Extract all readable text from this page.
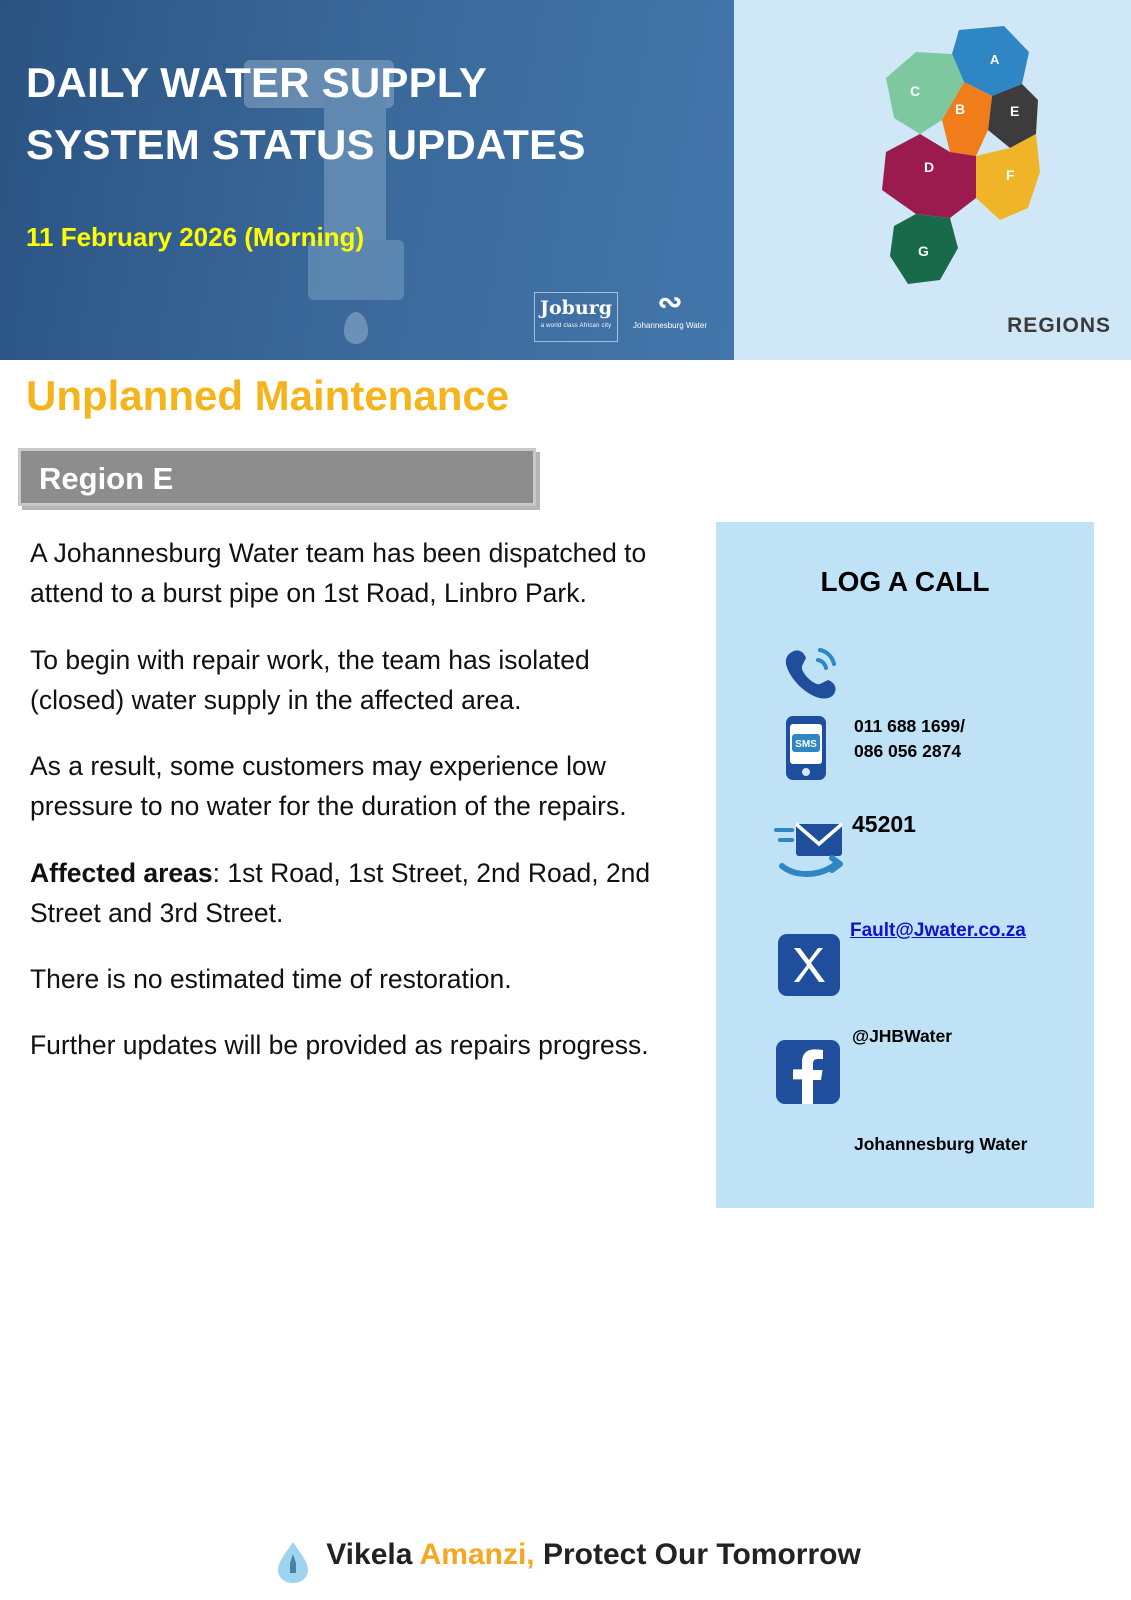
DAILY WATER SUPPLY
SYSTEM STATUS UPDATES
11 February 2026 (Morning)
Joburg
a world class African city
∾
Johannesburg Water
A
B
C
D
E
F
G
REGIONS
Unplanned Maintenance
Region E

A Johannesburg Water team has been dispatched to attend to a burst pipe on 1st Road, Linbro Park.

To begin with repair work, the team has isolated (closed) water supply in the affected area.

As a result, some customers may experience low pressure to no water for the duration of the repairs.

Affected areas: 1st Road, 1st Street, 2nd Road, 2nd Street and 3rd Street.

There is no estimated time of restoration.

Further updates will be provided as repairs progress.

LOG A CALL
SMS
011 688 1699/
086 056 2874
45201
Fault@Jwater.co.za
@JHBWater
Johannesburg Water
Vikela Amanzi, Protect Our Tomorrow
